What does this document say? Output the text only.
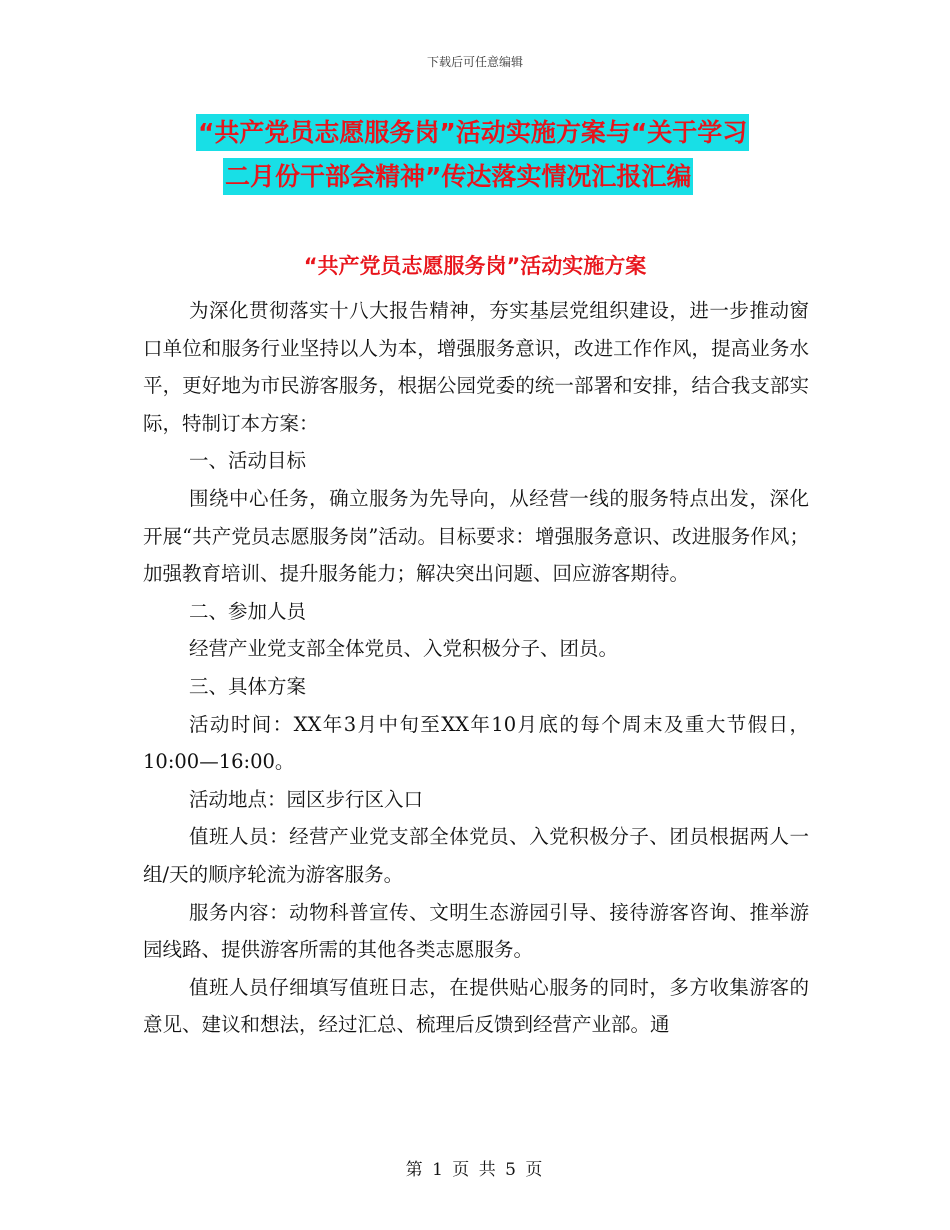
下载后可任意编辑
“共产党员志愿服务岗”活动实施方案与“关于学习
二月份干部会精神”传达落实情况汇报汇编
“共产党员志愿服务岗”活动实施方案

为深化贯彻落实十八大报告精神，夯实基层党组织建设，进一步推动窗口单位和服务行业坚持以人为本，增强服务意识，改进工作作风，提高业务水平，更好地为市民游客服务，根据公园党委的统一部署和安排，结合我支部实际，特制订本方案：

一、活动目标

围绕中心任务，确立服务为先导向，从经营一线的服务特点出发，深化开展“共产党员志愿服务岗”活动。目标要求：增强服务意识、改进服务作风；加强教育培训、提升服务能力；解决突出问题、回应游客期待。

二、参加人员

经营产业党支部全体党员、入党积极分子、团员。

三、具体方案

活动时间：XX年3月中旬至XX年10月底的每个周末及重大节假日，10:00—16:00。

活动地点：园区步行区入口

值班人员：经营产业党支部全体党员、入党积极分子、团员根据两人一组/天的顺序轮流为游客服务。

服务内容：动物科普宣传、文明生态游园引导、接待游客咨询、推举游园线路、提供游客所需的其他各类志愿服务。

值班人员仔细填写值班日志，在提供贴心服务的同时，多方收集游客的意见、建议和想法，经过汇总、梳理后反馈到经营产业部。通

第 1 页 共 5 页
